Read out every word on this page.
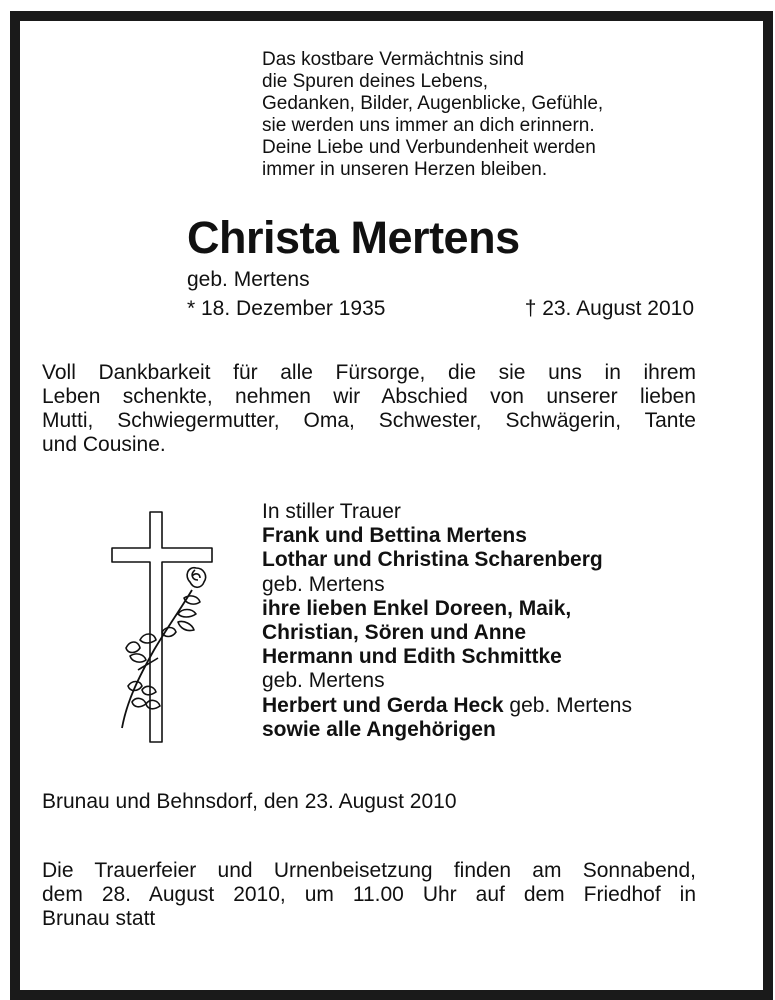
Das kostbare Vermächtnis sind
die Spuren deines Lebens,
Gedanken, Bilder, Augenblicke, Gefühle,
sie werden uns immer an dich erinnern.
Deine Liebe und Verbundenheit werden
immer in unseren Herzen bleiben.
Christa Mertens
geb. Mertens
* 18. Dezember 1935	† 23. August 2010
Voll Dankbarkeit für alle Fürsorge, die sie uns in ihrem
Leben schenkte, nehmen wir Abschied von unserer lieben
Mutti, Schwiegermutter, Oma, Schwester, Schwägerin, Tante
und Cousine.
In stiller Trauer
Frank und Bettina Mertens
Lothar und Christina Scharenberg
geb. Mertens
ihre lieben Enkel Doreen, Maik,
Christian, Sören und Anne
Hermann und Edith Schmittke
geb. Mertens
Herbert und Gerda Heck geb. Mertens
sowie alle Angehörigen
Brunau und Behnsdorf, den 23. August 2010
Die Trauerfeier und Urnenbeisetzung finden am Sonnabend,
dem 28. August 2010, um 11.00 Uhr auf dem Friedhof in
Brunau statt
